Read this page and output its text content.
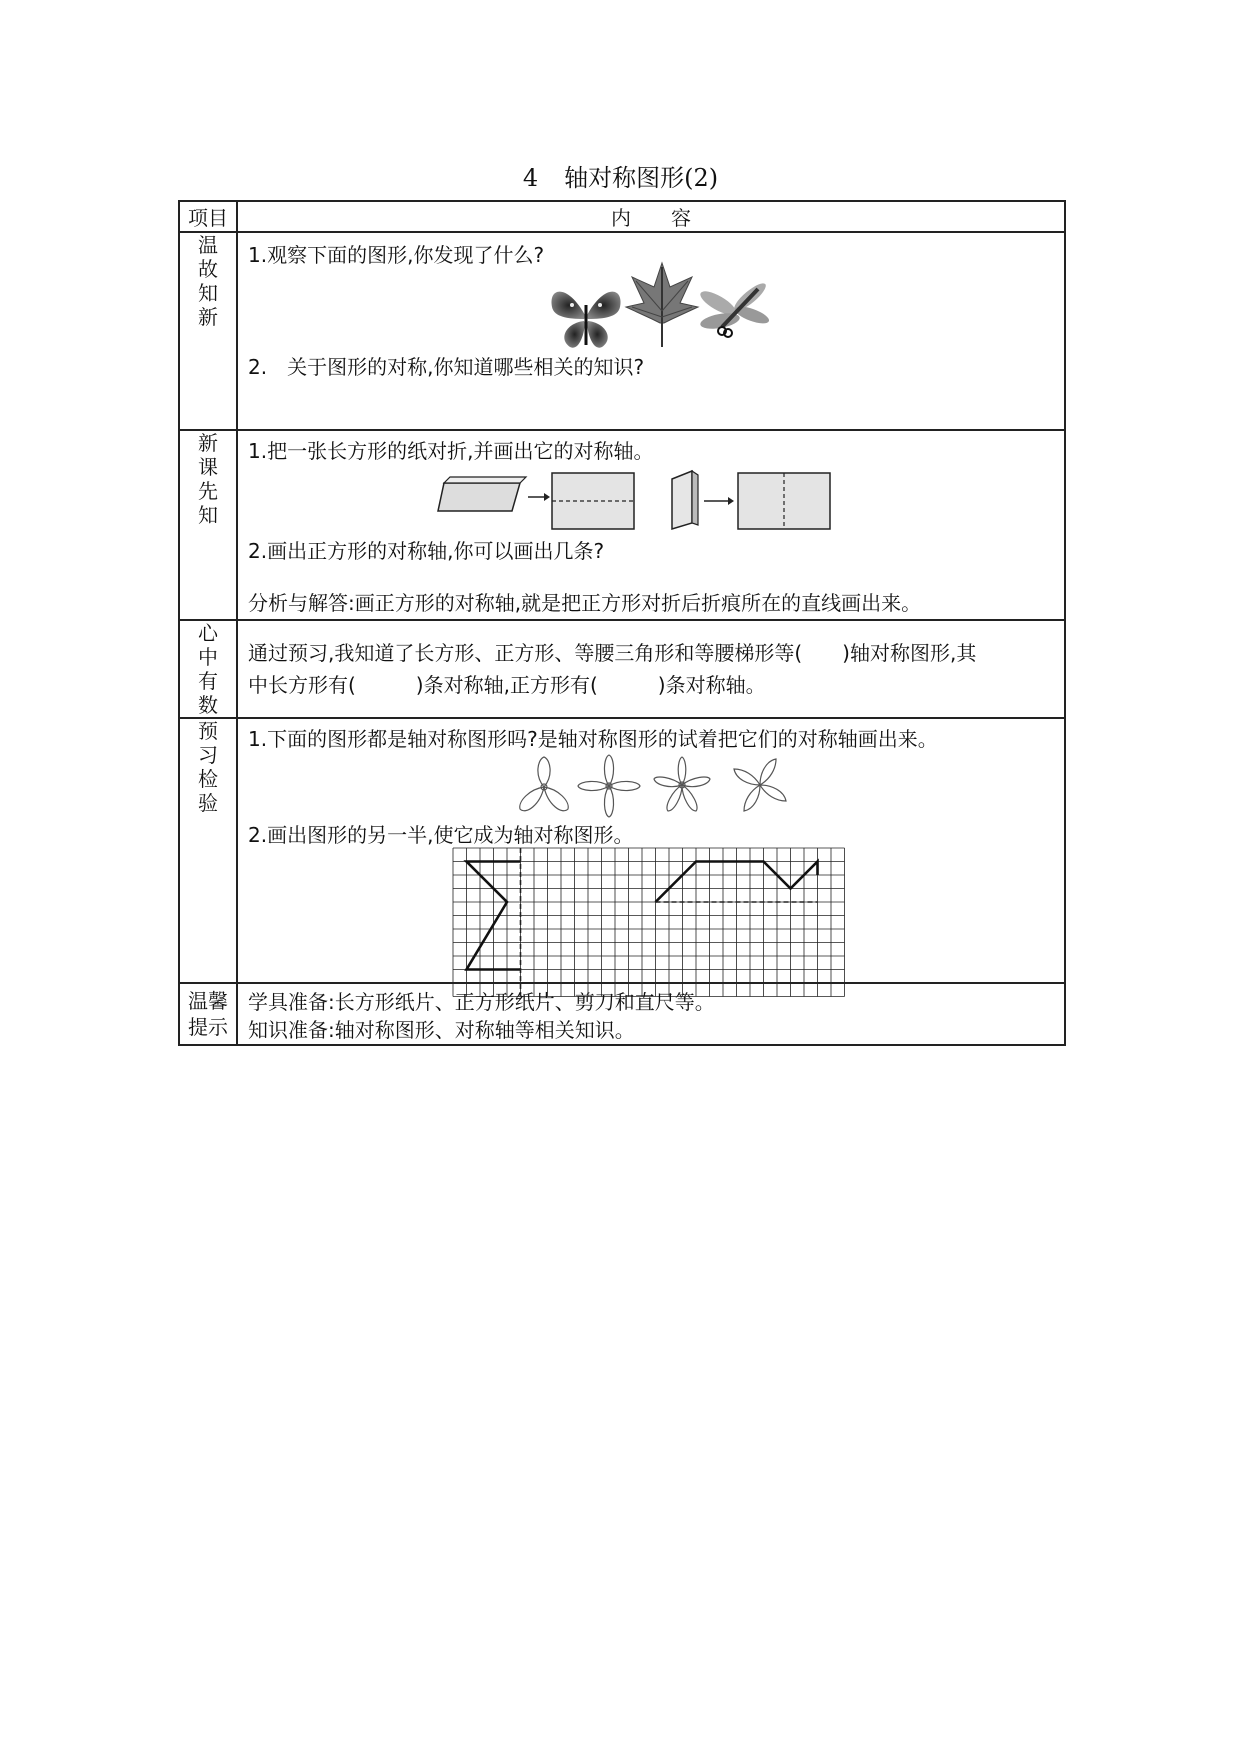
4 轴对称图形(2)
项目	内　　容
温故知新	1.观察下面的图形,你发现了什么?
2.　关于图形的对称,你知道哪些相关的知识?

新课先知	1.把一张长方形的纸对折,并画出它的对称轴。
2.画出正方形的对称轴,你可以画出几条?
分析与解答:画正方形的对称轴,就是把正方形对折后折痕所在的直线画出来。

心中有数	通过预习,我知道了长方形、正方形、等腰三角形和等腰梯形等(　　)轴对称图形,其
中长方形有(　　　)条对称轴,正方形有(　　　)条对称轴。

预习检验	1.下面的图形都是轴对称图形吗?是轴对称图形的试着把它们的对称轴画出来。
2.画出图形的另一半,使它成为轴对称图形。

温馨提示	学具准备:长方形纸片、正方形纸片、剪刀和直尺等。
知识准备:轴对称图形、对称轴等相关知识。
